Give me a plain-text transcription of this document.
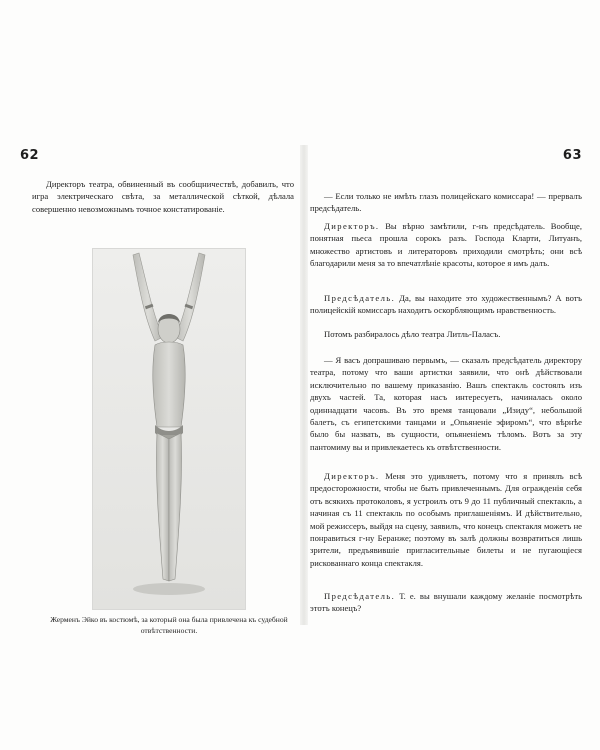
62

Директоръ театра, обвиненный въ сообщничествѣ, добавилъ, что игра электрическаго свѣта, за металлической сѣткой, дѣлала совершенно невозможнымъ точное констатированіе.

Жерменъ Эйко въ костюмѣ, за который она была привлечена къ судебной отвѣтственности.
63

— Если только не имѣть глазъ полицейскаго комиссара! — прервалъ предсѣдатель.

Директоръ. Вы вѣрно замѣтили, г-нъ предсѣдатель. Вообще, понятная пьеса прошла сорокъ разъ. Господа Кларти, Литуанъ, множество артистовъ и литераторовъ приходили смотрѣть; они всѣ благодарили меня за то впечатлѣніе красоты, которое я имъ далъ.

Предсѣдатель. Да, вы находите это художественнымъ? А вотъ полицейскій комиссаръ находитъ оскорбляющимъ нравственность.

Потомъ разбиралось дѣло театра Литль-Паласъ.

— Я васъ допрашиваю первымъ, — сказалъ предсѣдатель директору театра, потому что ваши артистки заявили, что онѣ дѣйствовали исключительно по вашему приказанію. Вашъ спектакль состоялъ изъ двухъ частей. Та, которая насъ интересуетъ, начиналась около одиннадцати часовъ. Въ это время танцовали „Изиду“, небольшой балетъ, съ египетскими танцами и „Опьяненіе эфиромъ“, что вѣрнѣе было бы назвать, въ сущности, опьяненіемъ тѣломъ. Вотъ за эту пантомиму вы и привлекаетесь къ отвѣтственности.

Директоръ. Меня это удивляетъ, потому что я принялъ всѣ предосторожности, чтобы не быть привлеченнымъ. Для огражденія себя отъ всякихъ протоколовъ, я устроилъ отъ 9 до 11 публичный спектакль, а начиная съ 11 спектакль по особымъ приглашеніямъ. И дѣйствительно, мой режиссеръ, выйдя на сцену, заявилъ, что конецъ спектакля можетъ не понравиться г-ну Беранже; поэтому въ залѣ должны возвратиться лишь зрители, предъявившіе пригласительные билеты и не пугающіеся рискованнаго конца спектакля.

Предсѣдатель. Т. е. вы внушали каждому желаніе посмотрѣть этотъ конецъ?
